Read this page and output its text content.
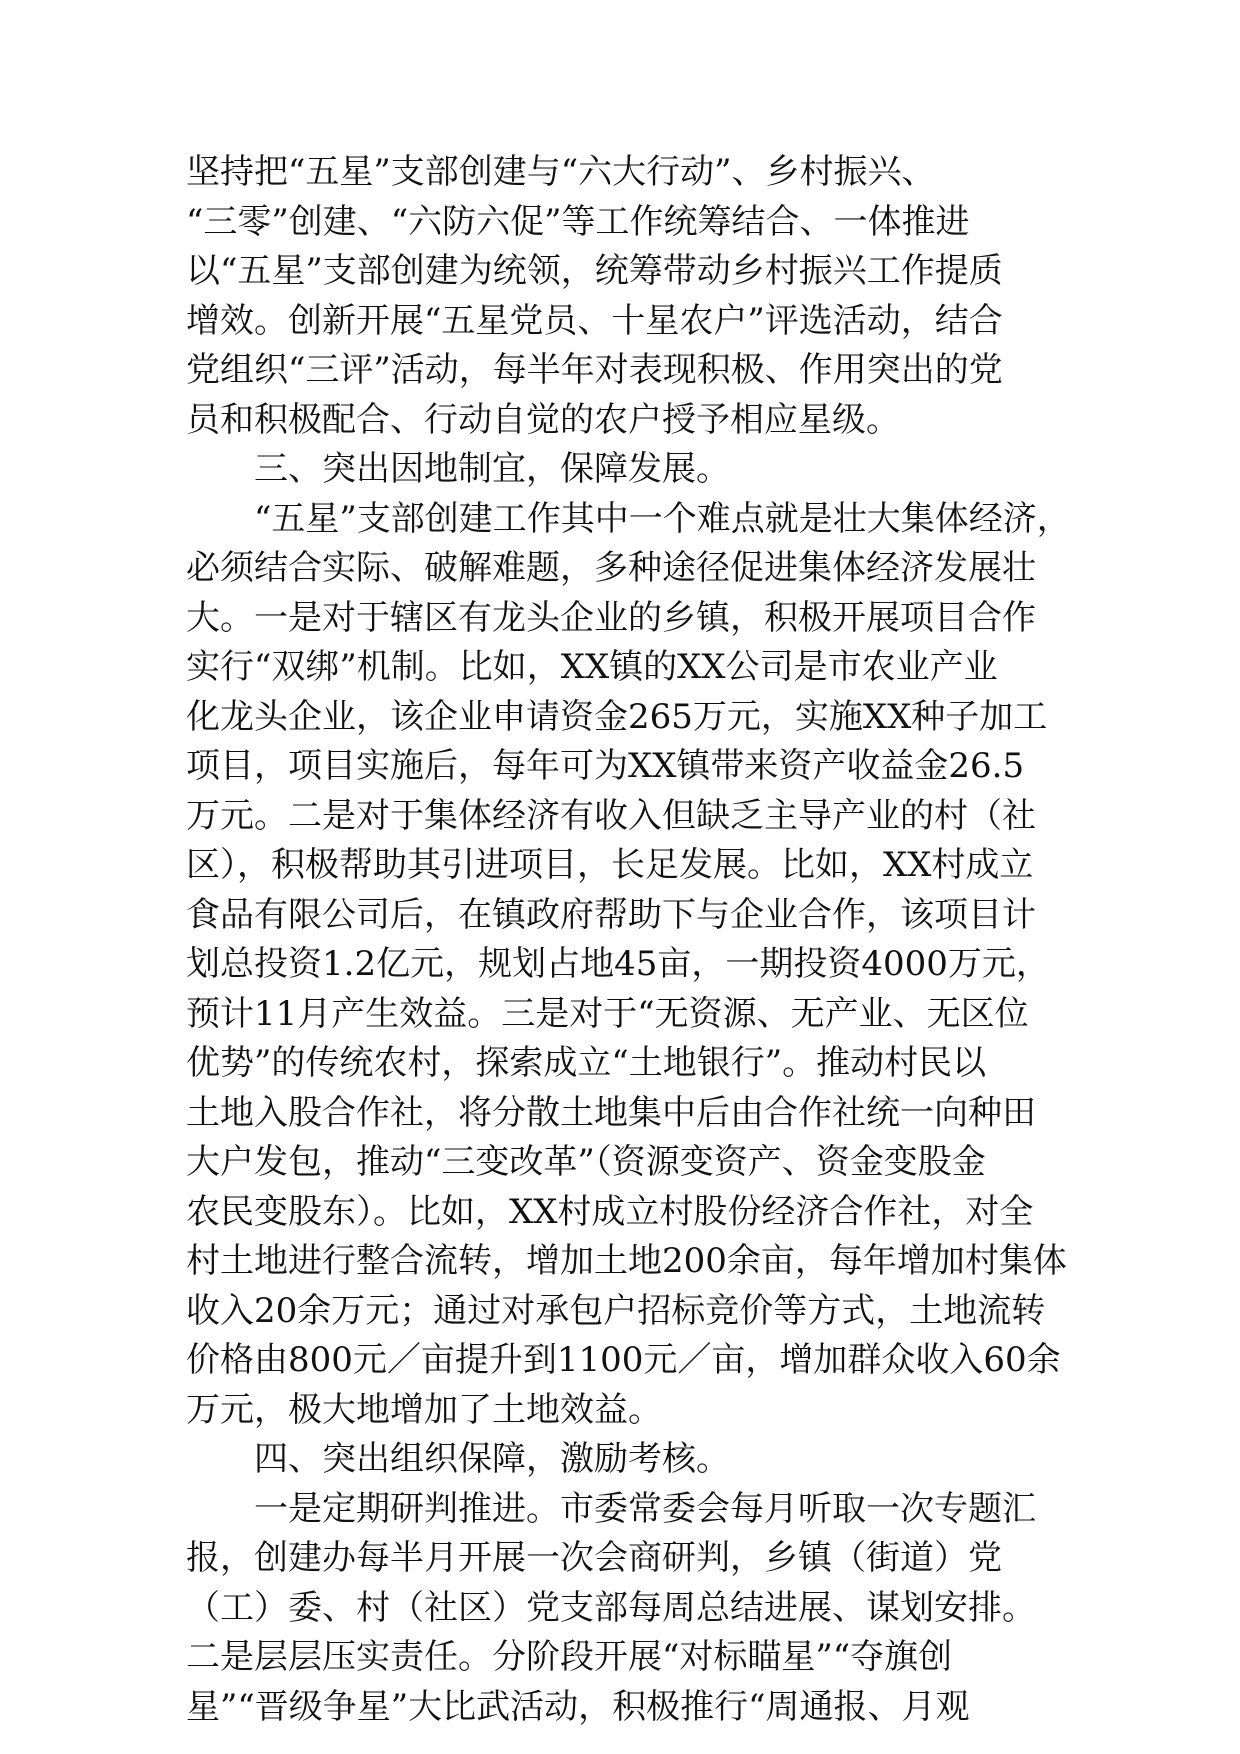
坚持把“五星”支部创建与“六大行动”、乡村振兴、
“三零”创建、“六防六促”等工作统筹结合、一体推进
以“五星”支部创建为统领，统筹带动乡村振兴工作提质
增效。创新开展“五星党员、十星农户”评选活动，结合
党组织“三评”活动，每半年对表现积极、作用突出的党
员和积极配合、行动自觉的农户授予相应星级。
三、突出因地制宜，保障发展。
“五星”支部创建工作其中一个难点就是壮大集体经济，
必须结合实际、破解难题，多种途径促进集体经济发展壮
大。一是对于辖区有龙头企业的乡镇，积极开展项目合作
实行“双绑”机制。比如，XX镇的XX公司是市农业产业
化龙头企业，该企业申请资金265万元，实施XX种子加工
项目，项目实施后，每年可为XX镇带来资产收益金26.5
万元。二是对于集体经济有收入但缺乏主导产业的村（社
区），积极帮助其引进项目，长足发展。比如，XX村成立
食品有限公司后，在镇政府帮助下与企业合作，该项目计
划总投资1.2亿元，规划占地45亩，一期投资4000万元，
预计11月产生效益。三是对于“无资源、无产业、无区位
优势”的传统农村，探索成立“土地银行”。推动村民以
土地入股合作社，将分散土地集中后由合作社统一向种田
大户发包，推动“三变改革”（资源变资产、资金变股金
农民变股东）。比如，XX村成立村股份经济合作社，对全
村土地进行整合流转，增加土地200余亩，每年增加村集体
收入20余万元；通过对承包户招标竞价等方式，土地流转
价格由800元／亩提升到1100元／亩，增加群众收入60余
万元，极大地增加了土地效益。
四、突出组织保障，激励考核。
一是定期研判推进。市委常委会每月听取一次专题汇
报，创建办每半月开展一次会商研判，乡镇（街道）党
（工）委、村（社区）党支部每周总结进展、谋划安排。
二是层层压实责任。分阶段开展“对标瞄星”“夺旗创
星”“晋级争星”大比武活动，积极推行“周通报、月观
